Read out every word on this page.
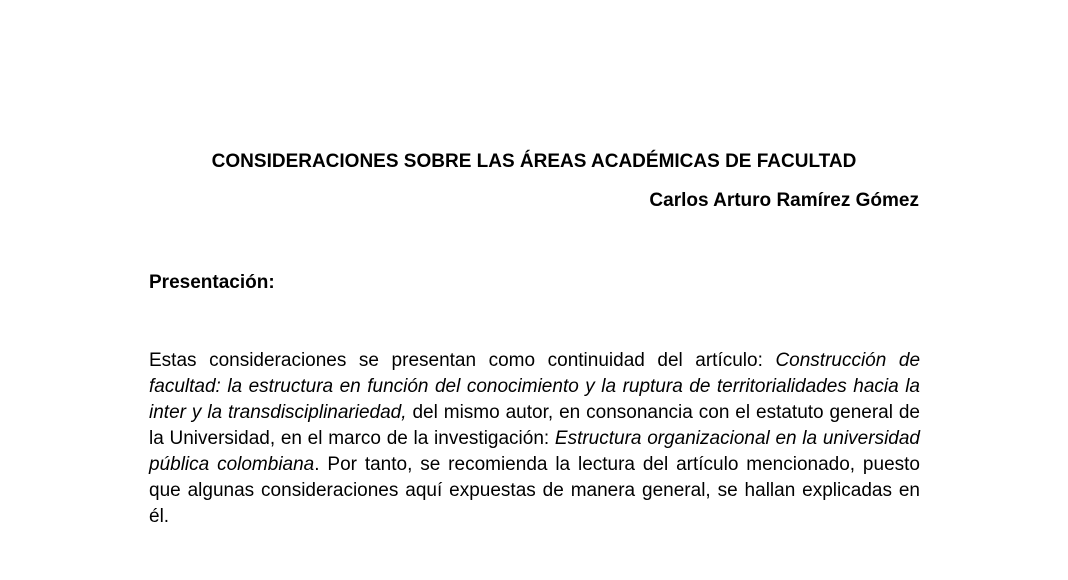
CONSIDERACIONES SOBRE LAS ÁREAS ACADÉMICAS DE FACULTAD
Carlos Arturo Ramírez Gómez
Presentación:

Estas consideraciones se presentan como continuidad del artículo: Construcción de facultad: la estructura en función del conocimiento y la ruptura de territorialidades hacia la inter y la transdisciplinariedad, del mismo autor, en consonancia con el estatuto general de la Universidad, en el marco de la investigación: Estructura organizacional en la universidad pública colombiana. Por tanto, se recomienda la lectura del artículo mencionado, puesto que algunas consideraciones aquí expuestas de manera general, se hallan explicadas en él.
